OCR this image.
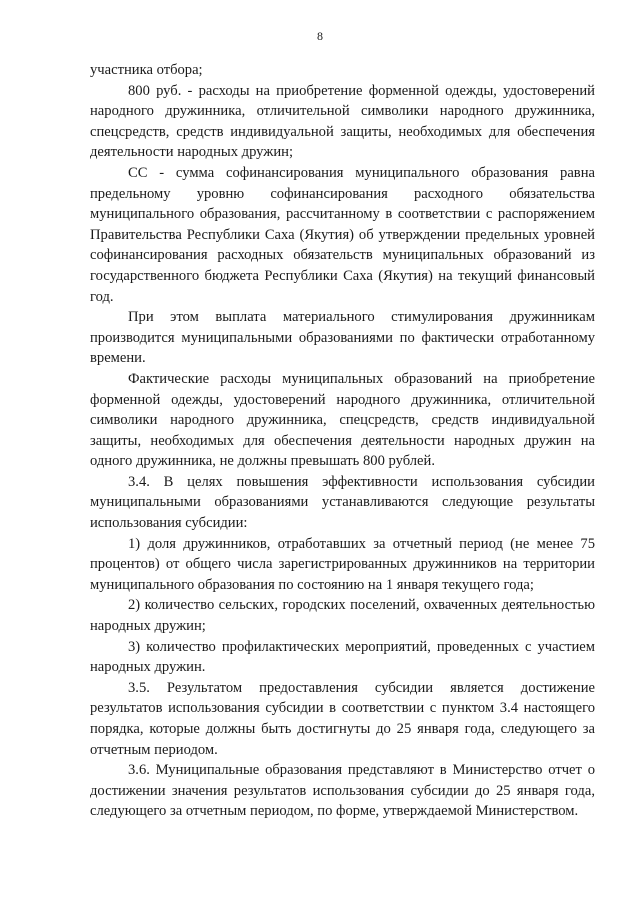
8

участника отбора;

800 руб. - расходы на приобретение форменной одежды, удостоверений народного дружинника, отличительной символики народного дружинника, спецсредств, средств индивидуальной защиты, необходимых для обеспечения деятельности народных дружин;

СС - сумма софинансирования муниципального образования равна предельному уровню софинансирования расходного обязательства муниципального образования, рассчитанному в соответствии с распоряжением Правительства Республики Саха (Якутия) об утверждении предельных уровней софинансирования расходных обязательств муниципальных образований из государственного бюджета Республики Саха (Якутия) на текущий финансовый год.

При этом выплата материального стимулирования дружинникам производится муниципальными образованиями по фактически отработанному времени.

Фактические расходы муниципальных образований на приобретение форменной одежды, удостоверений народного дружинника, отличительной символики народного дружинника, спецсредств, средств индивидуальной защиты, необходимых для обеспечения деятельности народных дружин на одного дружинника, не должны превышать 800 рублей.

3.4. В целях повышения эффективности использования субсидии муниципальными образованиями устанавливаются следующие результаты использования субсидии:

1) доля дружинников, отработавших за отчетный период (не менее 75 процентов) от общего числа зарегистрированных дружинников на территории муниципального образования по состоянию на 1 января текущего года;

2) количество сельских, городских поселений, охваченных деятельностью народных дружин;

3) количество профилактических мероприятий, проведенных с участием народных дружин.

3.5. Результатом предоставления субсидии является достижение результатов использования субсидии в соответствии с пунктом 3.4 настоящего порядка, которые должны быть достигнуты до 25 января года, следующего за отчетным периодом.

3.6. Муниципальные образования представляют в Министерство отчет о достижении значения результатов использования субсидии до 25 января года, следующего за отчетным периодом, по форме, утверждаемой Министерством.
